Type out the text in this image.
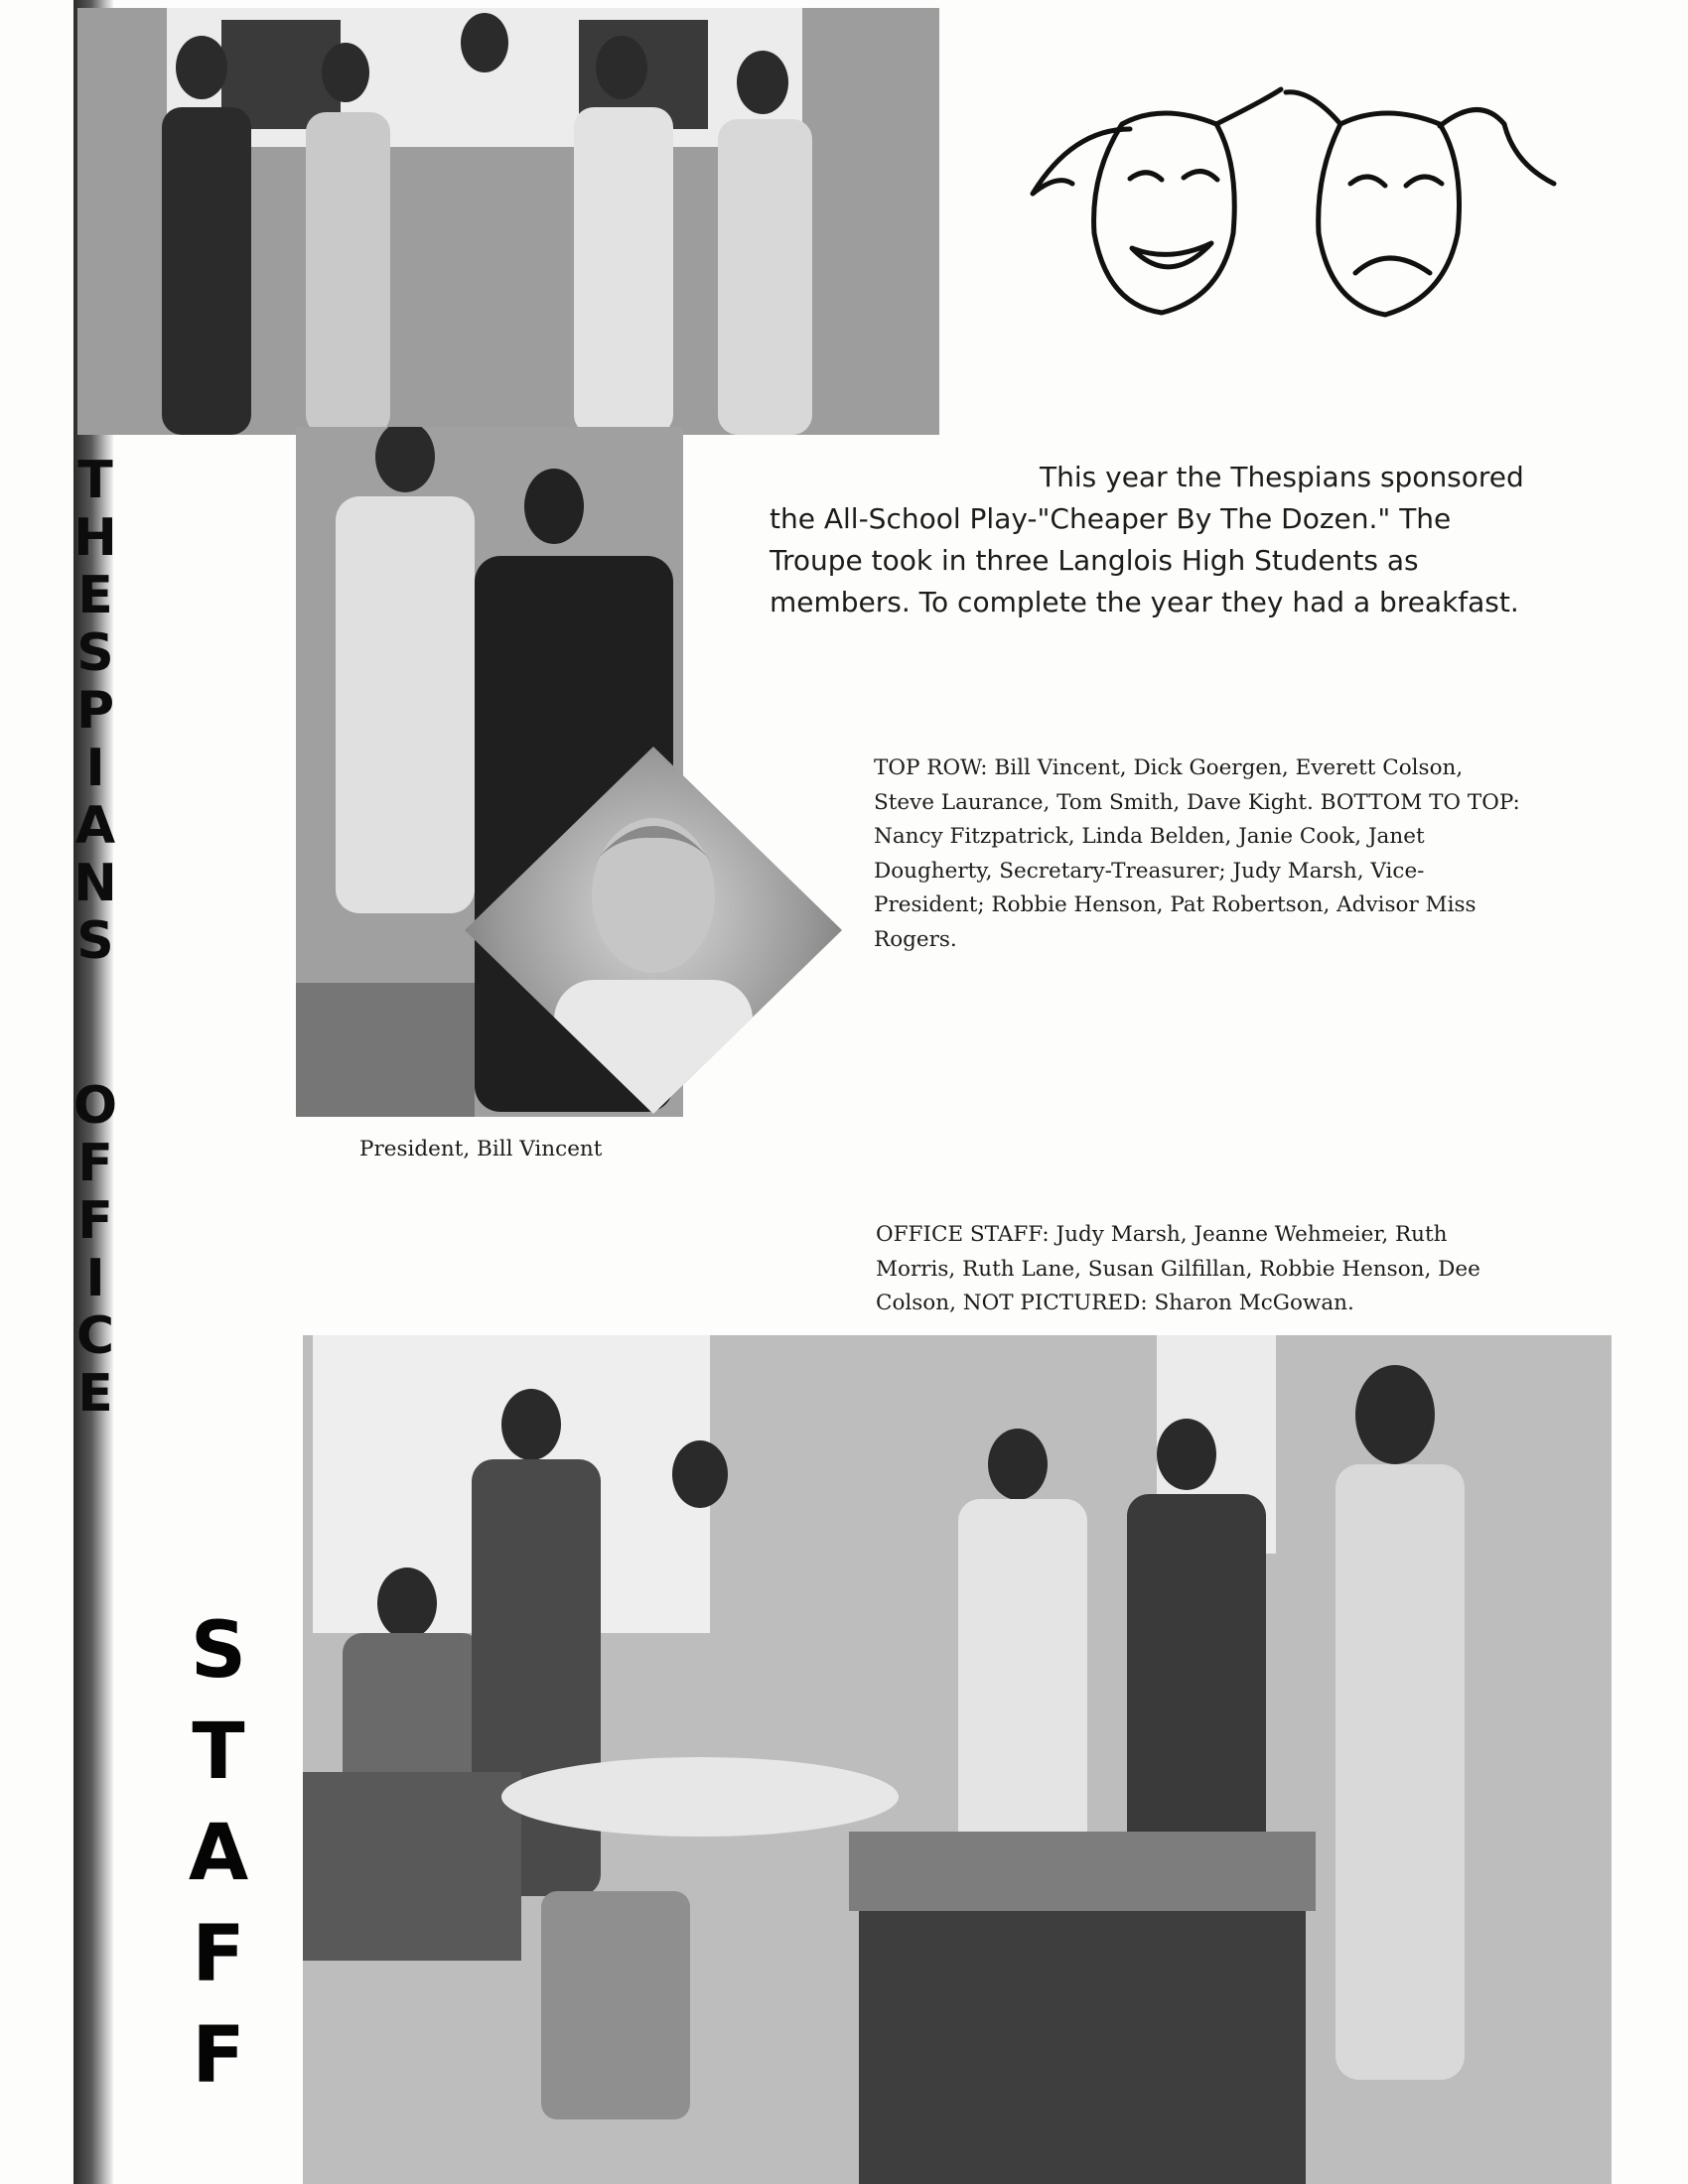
T
H
E
S
P
I
A
N
S
O
F
F
I
C
E

This year the Thespians sponsored the All-School Play-"Cheaper By The Dozen." The Troupe took in three Langlois High Students as members. To complete the year they had a breakfast.

TOP ROW: Bill Vincent, Dick Goergen, Everett Colson, Steve Laurance, Tom Smith, Dave Kight. BOTTOM TO TOP: Nancy Fitzpatrick, Linda Belden, Janie Cook, Janet Dougherty, Secretary-Treasurer; Judy Marsh, Vice-President; Robbie Henson, Pat Robertson, Advisor Miss Rogers.
President, Bill Vincent
OFFICE STAFF: Judy Marsh, Jeanne Wehmeier, Ruth Morris, Ruth Lane, Susan Gilfillan, Robbie Henson, Dee Colson, NOT PICTURED: Sharon McGowan.
S
T
A
F
F
